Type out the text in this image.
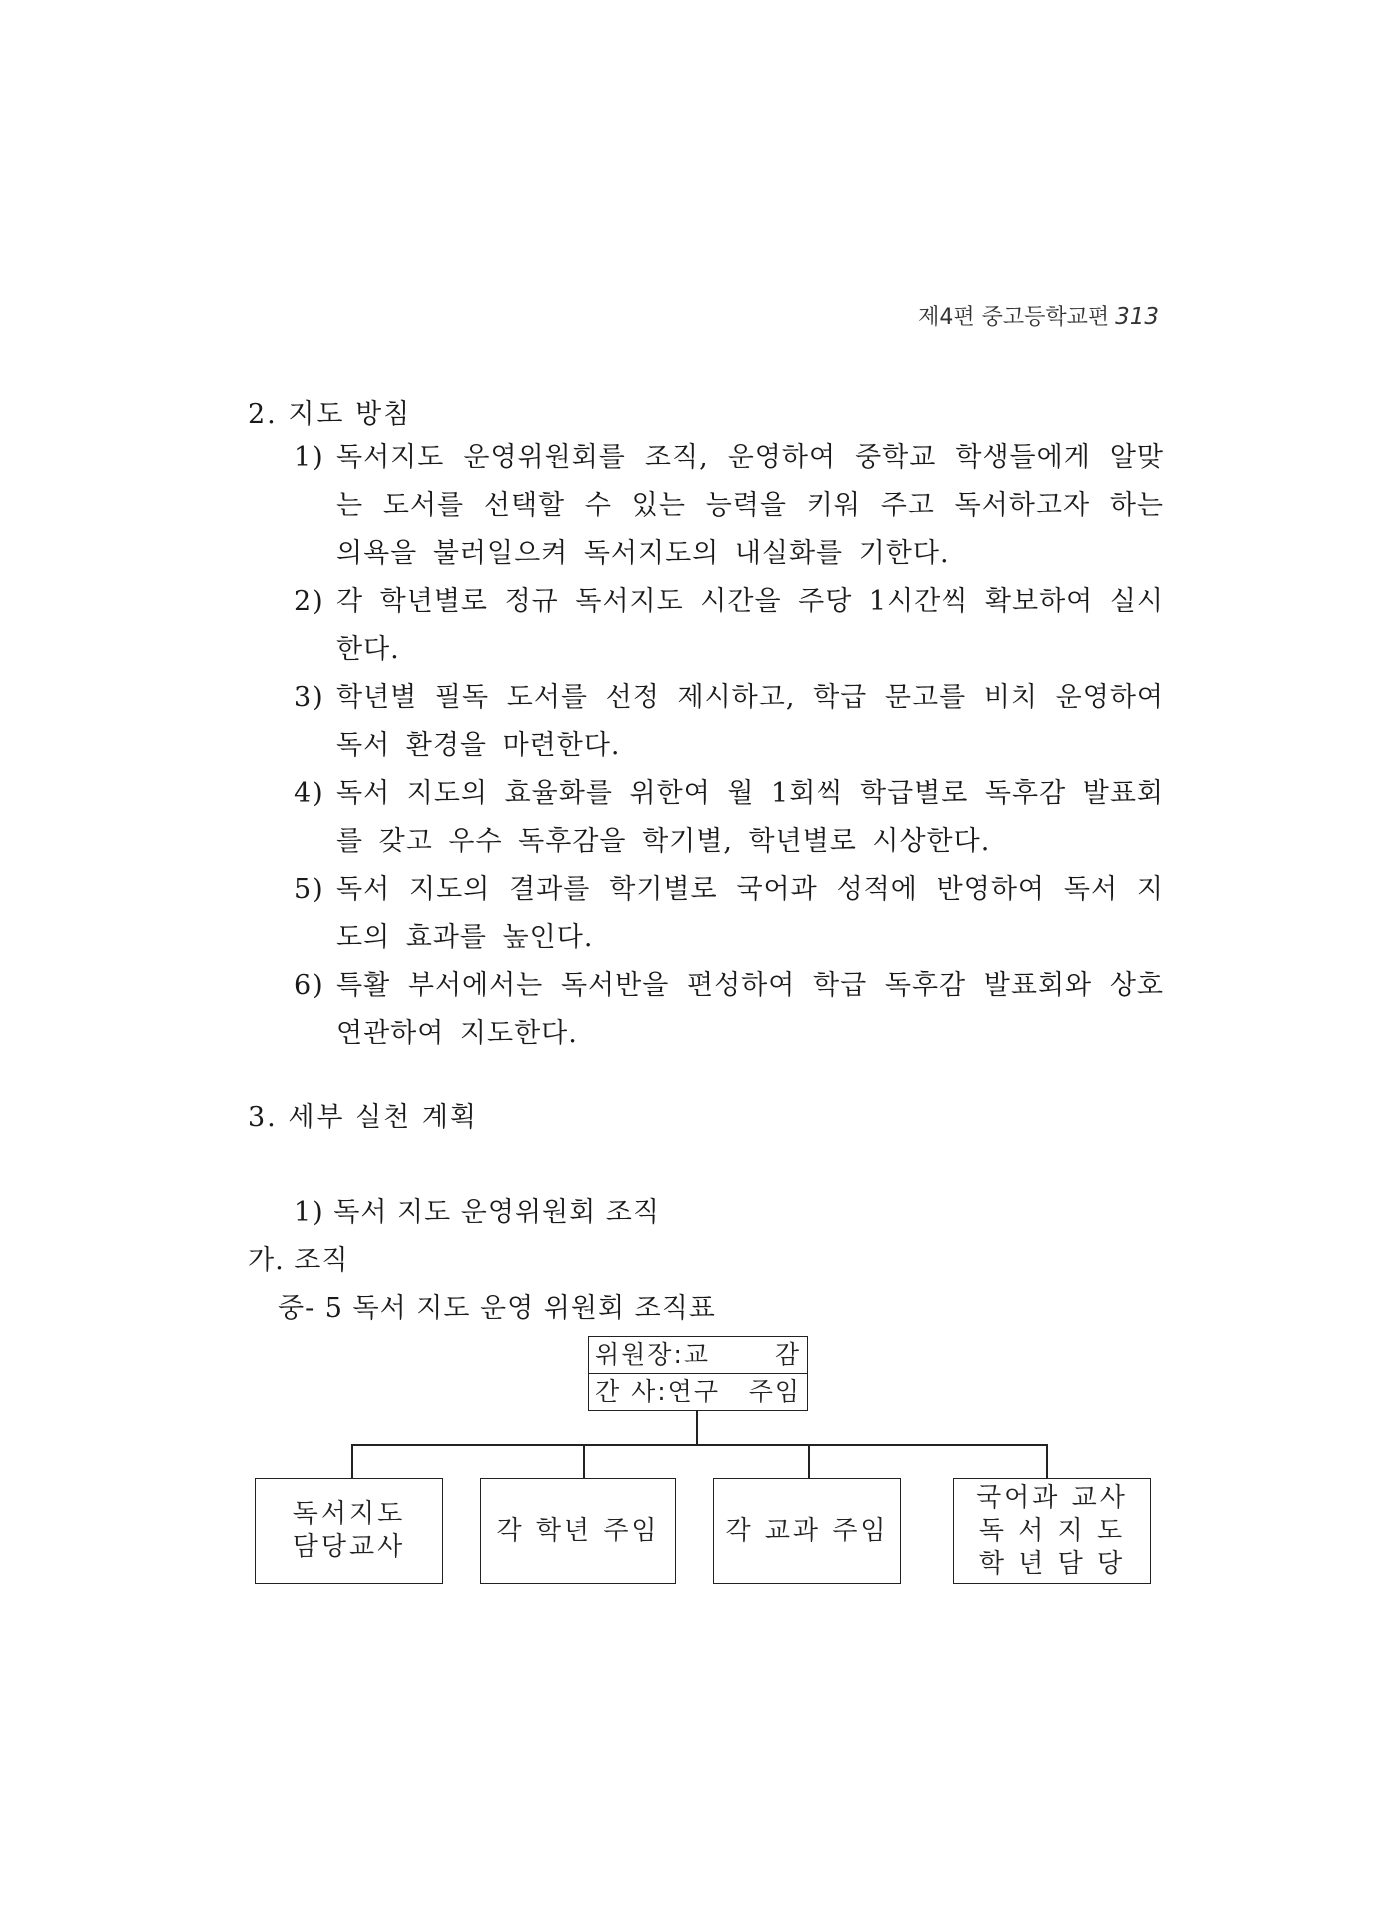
제4편 중고등학교편 313
2. 지도 방침
1) 독서지도 운영위원회를 조직, 운영하여 중학교 학생들에게 알맞는 도서를 선택할 수 있는 능력을 키워 주고 독서하고자 하는 의욕을 불러일으켜 독서지도의 내실화를 기한다.
2) 각 학년별로 정규 독서지도 시간을 주당 1시간씩 확보하여 실시한다.
3) 학년별 필독 도서를 선정 제시하고, 학급 문고를 비치 운영하여 독서 환경을 마련한다.
4) 독서 지도의 효율화를 위한여 월 1회씩 학급별로 독후감 발표회를 갖고 우수 독후감을 학기별, 학년별로 시상한다.
5) 독서 지도의 결과를 학기별로 국어과 성적에 반영하여 독서 지도의 효과를 높인다.
6) 특활 부서에서는 독서반을 편성하여 학급 독후감 발표회와 상호 연관하여 지도한다.
3. 세부 실천 계획
1) 독서 지도 운영위원회 조직
가. 조직
중- 5 독서 지도 운영 위원회 조직표
위원장:교	감
간 사:연구 주임
독서지도
담당교사
각 학년 주임	각 교과 주임
국어과 교사
독 서 지 도
학 년 담 당
